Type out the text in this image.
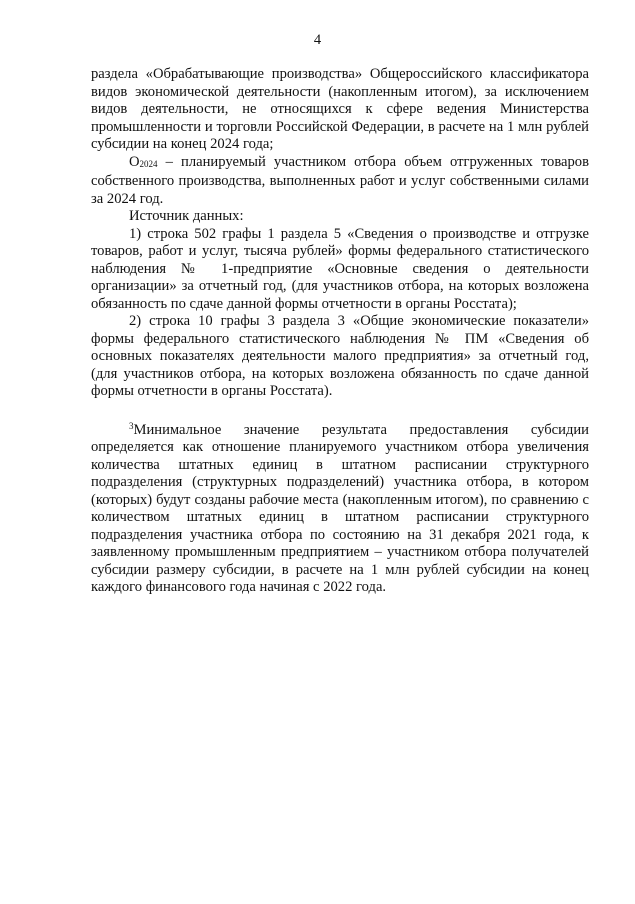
4

раздела «Обрабатывающие производства» Общероссийского классификатора видов экономической деятельности (накопленным итогом), за исключением видов деятельности, не относящихся к сфере ведения Министерства промышленности и торговли Российской Федерации, в расчете на 1 млн рублей субсидии на конец 2024 года;

$О_{2024}$ – планируемый участником отбора объем отгруженных товаров собственного производства, выполненных работ и услуг собственными силами за 2024 год.

Источник данных:

1) строка 502 графы 1 раздела 5 «Сведения о производстве и отгрузке товаров, работ и услуг, тысяча рублей» формы федерального статистического наблюдения № 1-предприятие «Основные сведения о деятельности организации» за отчетный год, (для участников отбора, на которых возложена обязанность по сдаче данной формы отчетности в органы Росстата);

2) строка 10 графы 3 раздела 3 «Общие экономические показатели» формы федерального статистического наблюдения № ПМ «Сведения об основных показателях деятельности малого предприятия» за отчетный год, (для участников отбора, на которых возложена обязанность по сдаче данной формы отчетности в органы Росстата).

$^3$Минимальное значение результата предоставления субсидии определяется как отношение планируемого участником отбора увеличения количества штатных единиц в штатном расписании структурного подразделения (структурных подразделений) участника отбора, в котором (которых) будут созданы рабочие места (накопленным итогом), по сравнению с количеством штатных единиц в штатном расписании структурного подразделения участника отбора по состоянию на 31 декабря 2021 года, к заявленному промышленным предприятием – участником отбора получателей субсидии размеру субсидии, в расчете на 1 млн рублей субсидии на конец каждого финансового года начиная с 2022 года.
